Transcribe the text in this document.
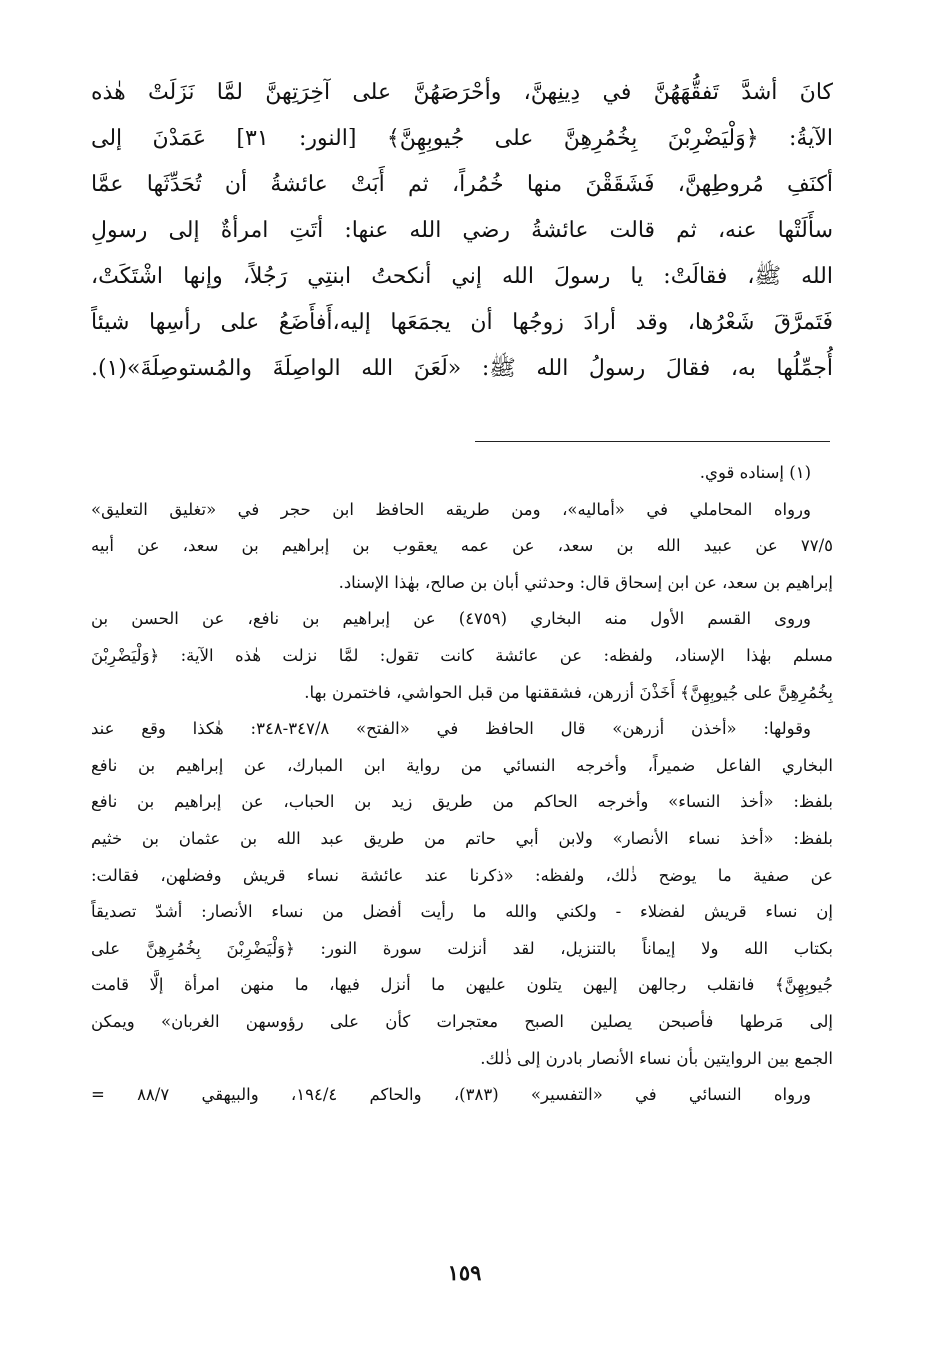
كانَ أشدَّ تَفقُّهَهُنَّ في دِينِهنَّ، وأحْرَصَهُنَّ على آخِرَتِهنَّ لمَّا نَزَلَتْ هٰذه
الآيةُ: ﴿وَلْيَضْرِبْنَ بِخُمُرِهِنَّ على جُيوبِهِنَّ﴾ [النور: ٣١] عَمَدْنَ إلى
أكنَفِ مُروطِهنَّ، فَشَقَقْنَ منها خُمُراً، ثم أَبَتْ عائشةُ أن تُحَدِّثَها عمَّا
سأَلَتْها عنه، ثم قالت عائشةُ رضي الله عنها: أتَتِ امرأةٌ إلى رسولِ
الله ﷺ، فقالَتْ: يا رسولَ الله إني أنكحتُ ابنتِي رَجُلاً، وإنها اشْتَكَتْ،
فَتَمرَّقَ شَعْرُها، وقد أرادَ زوجُها أن يجمَعَها إليه،أَفأَضَعُ على رأسِها شيئاً
أُجمِّلُها به، فقالَ رسولُ الله ﷺ: «لَعَنَ الله الواصِلَةَ والمُستوصِلَةَ»(١).
(١) إسناده قوي.
ورواه المحاملي في «أماليه»، ومن طريقه الحافظ ابن حجر في «تغليق التعليق»
٧٧/٥ عن عبيد الله بن سعد، عن عمه يعقوب بن إبراهيم بن سعد، عن أبيه
إبراهيم بن سعد، عن ابن إسحاق قال: وحدثني أبان بن صالح، بهٰذا الإسناد.
وروى القسم الأول منه البخاري (٤٧٥٩) عن إبراهيم بن نافع، عن الحسن بن
مسلم بهٰذا الإسناد، ولفظه: عن عائشة كانت تقول: لمَّا نزلت هٰذه الآية: ﴿وَلْيَضْرِبْنَ
بِخُمُرِهِنَّ على جُيوبِهِنَّ﴾ أَخَذْنَ أزرهن، فشققنها من قبل الحواشي، فاختمرن بها.
وقولها: «أخذن أزرهن» قال الحافظ في «الفتح» ٣٤٧/٨-٣٤٨: هٰكذا وقع عند
البخاري الفاعل ضميراً، وأخرجه النسائي من رواية ابن المبارك، عن إبراهيم بن نافع
بلفظ: «أخذ النساء» وأخرجه الحاكم من طريق زيد بن الحباب، عن إبراهيم بن نافع
بلفظ: «أخذ نساء الأنصار» ولابن أبي حاتم من طريق عبد الله بن عثمان بن خثيم
عن صفية ما يوضح ذٰلك، ولفظه: «ذكرنا عند عائشة نساء قريش وفضلهن، فقالت:
إن نساء قريش لفضلاء - ولكني والله ما رأيت أفضل من نساء الأنصار: أشدّ تصديقاً
بكتاب الله ولا إيماناً بالتنزيل، لقد أنزلت سورة النور: ﴿وَلْيَضْرِبْنَ بِخُمُرِهِنَّ على
جُيوبِهِنَّ﴾ فانقلب رجالهن إليهن يتلون عليهن ما أنزل فيها، ما منهن امرأة إلَّا قامت
إلى مَرطها فأصبحن يصلين الصبح معتجرات كأن على رؤوسهن الغربان» ويمكن
الجمع بين الروايتين بأن نساء الأنصار بادرن إلى ذٰلك.
ورواه النسائي في «التفسير» (٣٨٣)، والحاكم ١٩٤/٤، والبيهقي ٨٨/٧ =
١٥٩
